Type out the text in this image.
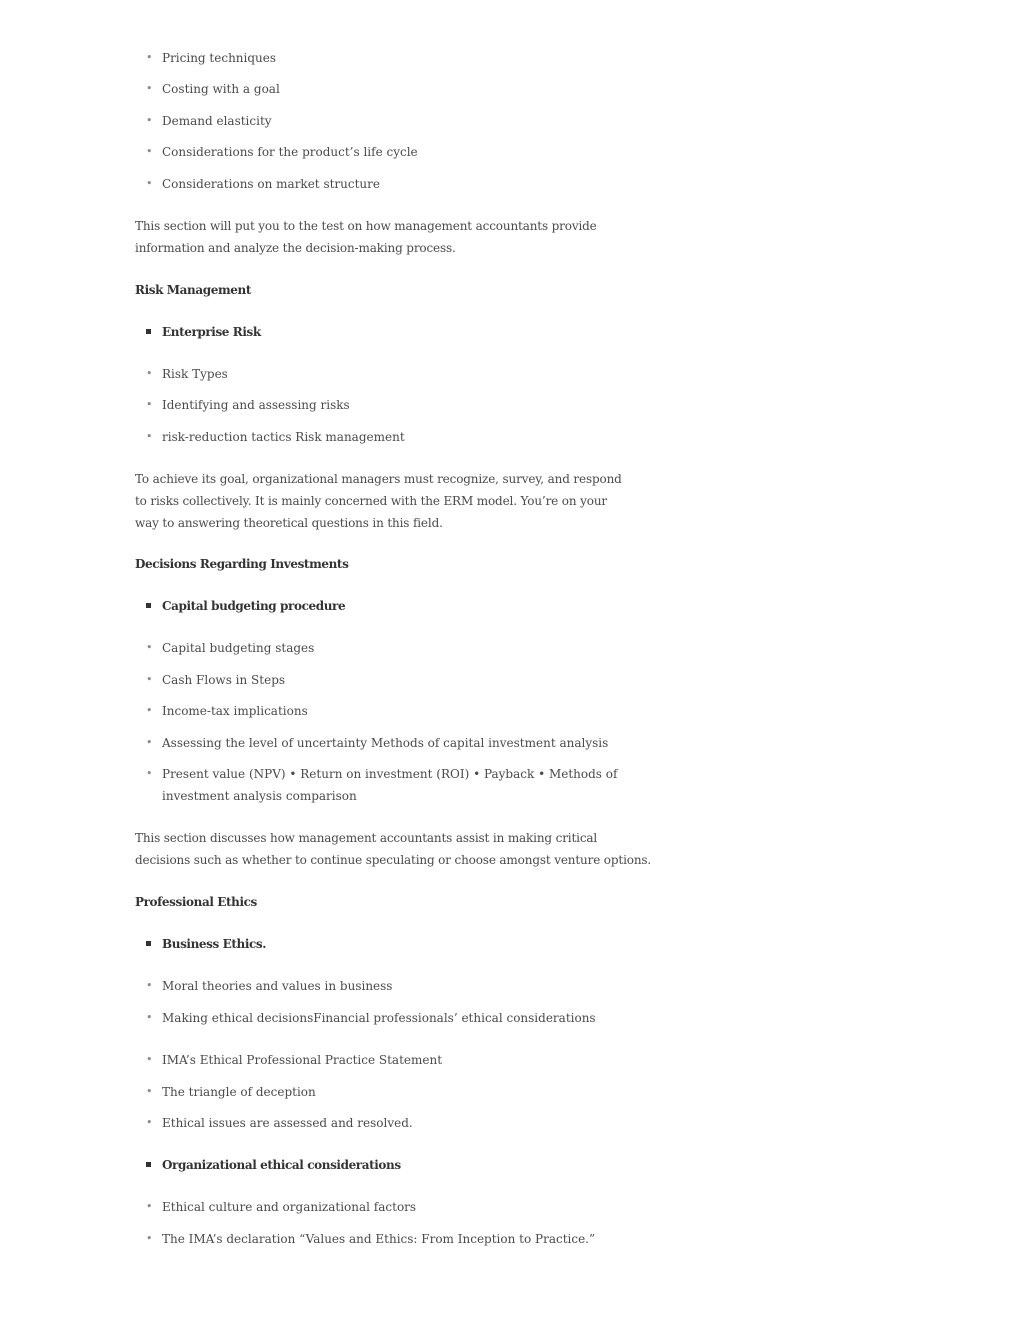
• Pricing techniques
• Costing with a goal
• Demand elasticity
• Considerations for the product’s life cycle
• Considerations on market structure
This section will put you to the test on how management accountants provide information and analyze the decision-making process.
Risk Management
Enterprise Risk
• Risk Types
• Identifying and assessing risks
• risk-reduction tactics Risk management
To achieve its goal, organizational managers must recognize, survey, and respond to risks collectively. It is mainly concerned with the ERM model. You’re on your way to answering theoretical questions in this field.
Decisions Regarding Investments
Capital budgeting procedure
• Capital budgeting stages
• Cash Flows in Steps
• Income-tax implications
• Assessing the level of uncertainty Methods of capital investment analysis
• Present value (NPV) • Return on investment (ROI) • Payback • Methods of investment analysis comparison
This section discusses how management accountants assist in making critical decisions such as whether to continue speculating or choose amongst venture options.
Professional Ethics
Business Ethics.
• Moral theories and values in business
• Making ethical decisionsFinancial professionals’ ethical considerations
• IMA’s Ethical Professional Practice Statement
• The triangle of deception
• Ethical issues are assessed and resolved.
Organizational ethical considerations
• Ethical culture and organizational factors
• The IMA’s declaration “Values and Ethics: From Inception to Practice.”
